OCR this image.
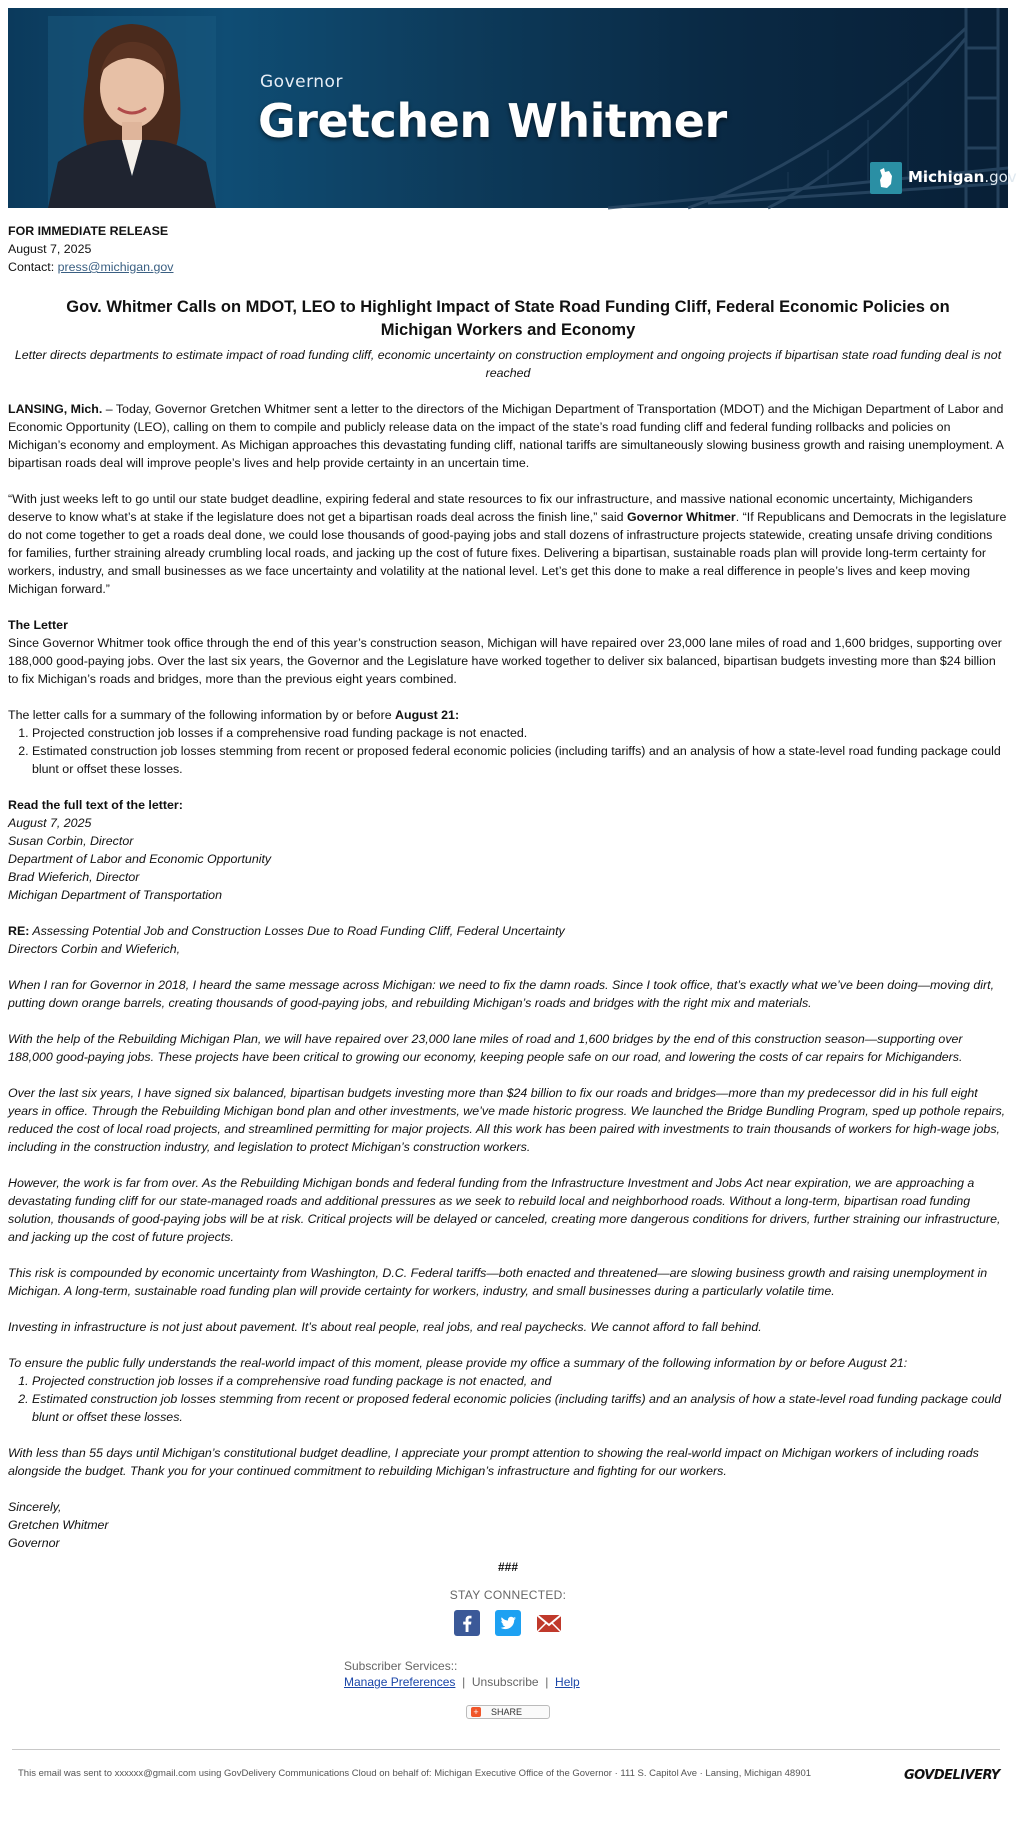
Governor
Gretchen Whitmer
Michigan.gov
FOR IMMEDIATE RELEASE
August 7, 2025
Contact: press@michigan.gov
Gov. Whitmer Calls on MDOT, LEO to Highlight Impact of State Road Funding Cliff, Federal Economic Policies on Michigan Workers and Economy
Letter directs departments to estimate impact of road funding cliff, economic uncertainty on construction employment and ongoing projects if bipartisan state road funding deal is not reached

LANSING, Mich. – Today, Governor Gretchen Whitmer sent a letter to the directors of the Michigan Department of Transportation (MDOT) and the Michigan Department of Labor and Economic Opportunity (LEO), calling on them to compile and publicly release data on the impact of the state’s road funding cliff and federal funding rollbacks and policies on Michigan’s economy and employment. As Michigan approaches this devastating funding cliff, national tariffs are simultaneously slowing business growth and raising unemployment. A bipartisan roads deal will improve people’s lives and help provide certainty in an uncertain time.

“With just weeks left to go until our state budget deadline, expiring federal and state resources to fix our infrastructure, and massive national economic uncertainty, Michiganders deserve to know what’s at stake if the legislature does not get a bipartisan roads deal across the finish line,” said Governor Whitmer. “If Republicans and Democrats in the legislature do not come together to get a roads deal done, we could lose thousands of good-paying jobs and stall dozens of infrastructure projects statewide, creating unsafe driving conditions for families, further straining already crumbling local roads, and jacking up the cost of future fixes. Delivering a bipartisan, sustainable roads plan will provide long-term certainty for workers, industry, and small businesses as we face uncertainty and volatility at the national level. Let’s get this done to make a real difference in people’s lives and keep moving Michigan forward.”

The Letter
Since Governor Whitmer took office through the end of this year’s construction season, Michigan will have repaired over 23,000 lane miles of road and 1,600 bridges, supporting over 188,000 good-paying jobs. Over the last six years, the Governor and the Legislature have worked together to deliver six balanced, bipartisan budgets investing more than $24 billion to fix Michigan’s roads and bridges, more than the previous eight years combined.

The letter calls for a summary of the following information by or before August 21:

1. Projected construction job losses if a comprehensive road funding package is not enacted.
2. Estimated construction job losses stemming from recent or proposed federal economic policies (including tariffs) and an analysis of how a state-level road funding package could blunt or offset these losses.
Read the full text of the letter:
August 7, 2025
Susan Corbin, Director
Department of Labor and Economic Opportunity
Brad Wieferich, Director
Michigan Department of Transportation

RE: Assessing Potential Job and Construction Losses Due to Road Funding Cliff, Federal Uncertainty

Directors Corbin and Wieferich,

When I ran for Governor in 2018, I heard the same message across Michigan: we need to fix the damn roads. Since I took office, that’s exactly what we’ve been doing—moving dirt, putting down orange barrels, creating thousands of good-paying jobs, and rebuilding Michigan’s roads and bridges with the right mix and materials.

With the help of the Rebuilding Michigan Plan, we will have repaired over 23,000 lane miles of road and 1,600 bridges by the end of this construction season—supporting over 188,000 good-paying jobs. These projects have been critical to growing our economy, keeping people safe on our road, and lowering the costs of car repairs for Michiganders.

Over the last six years, I have signed six balanced, bipartisan budgets investing more than $24 billion to fix our roads and bridges—more than my predecessor did in his full eight years in office. Through the Rebuilding Michigan bond plan and other investments, we’ve made historic progress. We launched the Bridge Bundling Program, sped up pothole repairs, reduced the cost of local road projects, and streamlined permitting for major projects. All this work has been paired with investments to train thousands of workers for high-wage jobs, including in the construction industry, and legislation to protect Michigan’s construction workers.

However, the work is far from over. As the Rebuilding Michigan bonds and federal funding from the Infrastructure Investment and Jobs Act near expiration, we are approaching a devastating funding cliff for our state-managed roads and additional pressures as we seek to rebuild local and neighborhood roads. Without a long-term, bipartisan road funding solution, thousands of good-paying jobs will be at risk. Critical projects will be delayed or canceled, creating more dangerous conditions for drivers, further straining our infrastructure, and jacking up the cost of future projects.

This risk is compounded by economic uncertainty from Washington, D.C. Federal tariffs—both enacted and threatened—are slowing business growth and raising unemployment in Michigan. A long-term, sustainable road funding plan will provide certainty for workers, industry, and small businesses during a particularly volatile time.

Investing in infrastructure is not just about pavement. It’s about real people, real jobs, and real paychecks. We cannot afford to fall behind.

To ensure the public fully understands the real-world impact of this moment, please provide my office a summary of the following information by or before August 21:

1. Projected construction job losses if a comprehensive road funding package is not enacted, and
2. Estimated construction job losses stemming from recent or proposed federal economic policies (including tariffs) and an analysis of how a state-level road funding package could blunt or offset these losses.

With less than 55 days until Michigan’s constitutional budget deadline, I appreciate your prompt attention to showing the real-world impact on Michigan workers of including roads alongside the budget. Thank you for your continued commitment to rebuilding Michigan’s infrastructure and fighting for our workers.

Sincerely,
Gretchen Whitmer
Governor

###
STAY CONNECTED:

Subscriber Services::
Manage Preferences | Unsubscribe | Help
+ SHARE
This email was sent to xxxxxx@gmail.com using GovDelivery Communications Cloud on behalf of: Michigan Executive Office of the Governor · 111 S. Capitol Ave · Lansing, Michigan 48901	GOVDELIVERY
